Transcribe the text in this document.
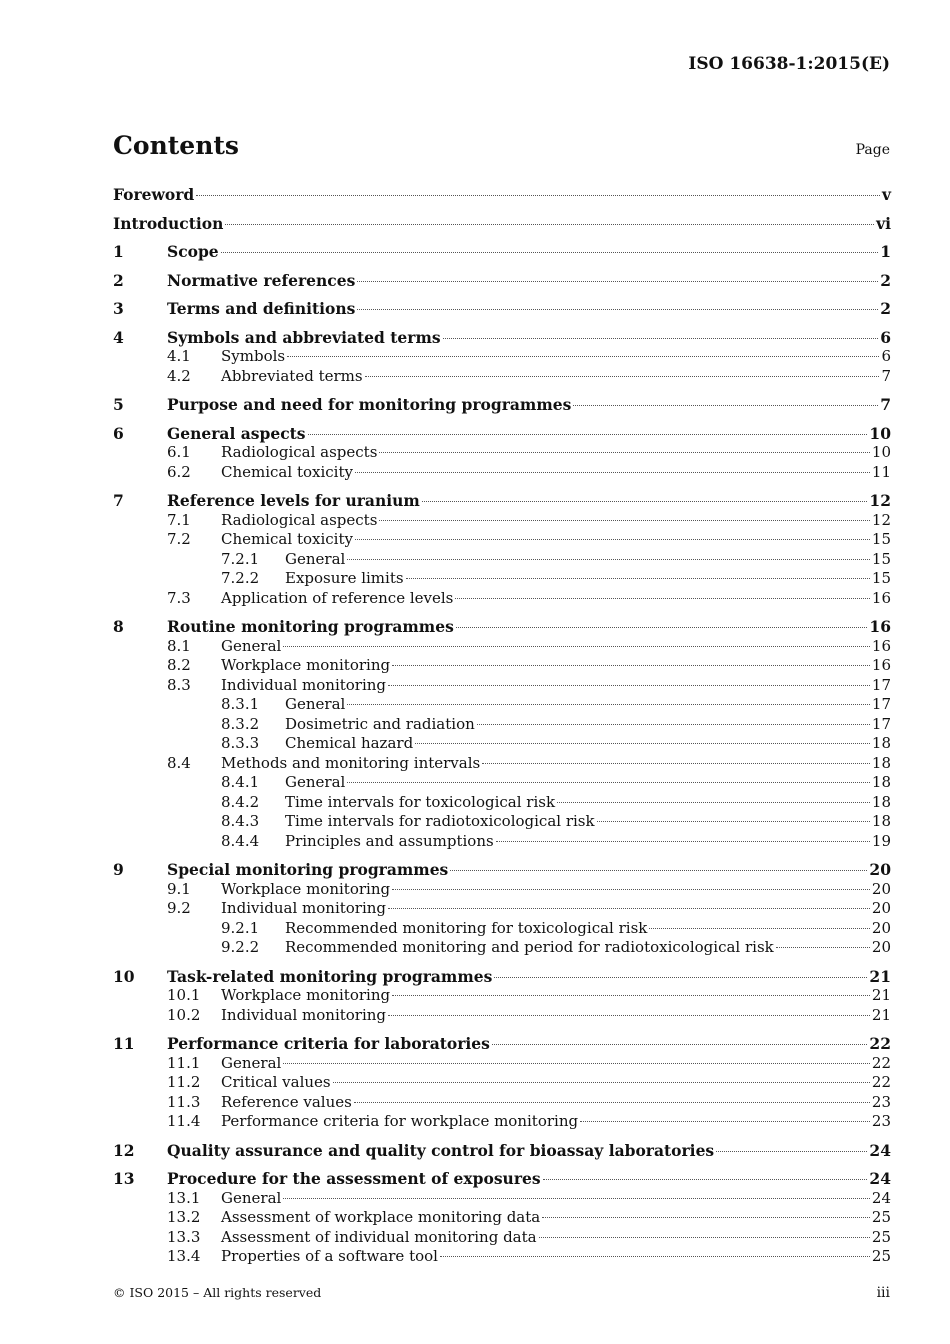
ISO 16638-1:2015(E)
Contents	Page
Foreword	v
Introduction	vi
1	Scope	1
2	Normative references	2
3	Terms and definitions	2
4	Symbols and abbreviated terms	6
4.1 Symbols	6
4.2 Abbreviated terms	7
5	Purpose and need for monitoring programmes	7
6	General aspects	10
6.1 Radiological aspects	10
6.2 Chemical toxicity	11
7	Reference levels for uranium	12
7.1 Radiological aspects	12
7.2 Chemical toxicity	15
7.2.1 General	15
7.2.2 Exposure limits	15
7.3 Application of reference levels	16
8	Routine monitoring programmes	16
8.1 General	16
8.2 Workplace monitoring	16
8.3 Individual monitoring	17
8.3.1 General	17
8.3.2 Dosimetric and radiation	17
8.3.3 Chemical hazard	18
8.4 Methods and monitoring intervals	18
8.4.1 General	18
8.4.2 Time intervals for toxicological risk	18
8.4.3 Time intervals for radiotoxicological risk	18
8.4.4 Principles and assumptions	19
9	Special monitoring programmes	20
9.1 Workplace monitoring	20
9.2 Individual monitoring	20
9.2.1 Recommended monitoring for toxicological risk	20
9.2.2 Recommended monitoring and period for radiotoxicological risk	20
10 Task-related monitoring programmes	21
10.1 Workplace monitoring	21
10.2 Individual monitoring	21
11 Performance criteria for laboratories	22
11.1 General	22
11.2 Critical values	22
11.3 Reference values	23
11.4 Performance criteria for workplace monitoring	23
12 Quality assurance and quality control for bioassay laboratories	24
13 Procedure for the assessment of exposures	24
13.1 General	24
13.2 Assessment of workplace monitoring data	25
13.3 Assessment of individual monitoring data	25
13.4 Properties of a software tool	25
© ISO 2015 – All rights reserved	iii
